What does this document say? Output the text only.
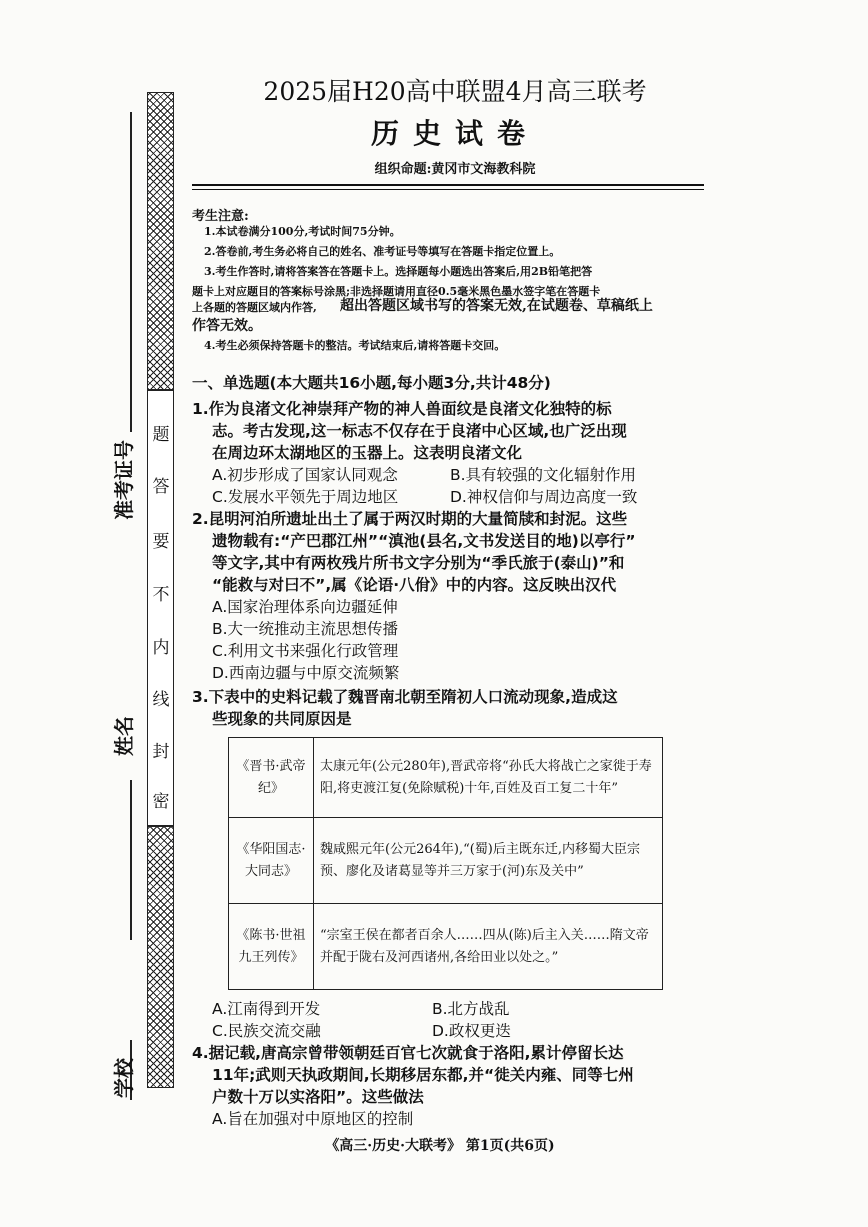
题
答
要
不
内
线
封
密
学校
姓名
准考证号
2025届H20高中联盟4月高三联考
历史试卷
组织命题:黄冈市文海教科院
考生注意:
1.本试卷满分100分,考试时间75分钟。
2.答卷前,考生务必将自己的姓名、准考证号等填写在答题卡指定位置上。
3.考生作答时,请将答案答在答题卡上。选择题每小题选出答案后,用2B铅笔把答
题卡上对应题目的答案标号涂黑;非选择题请用直径0.5毫米黑色墨水签字笔在答题卡
上各题的答题区域内作答,	超出答题区域书写的答案无效,在试题卷、草稿纸上
作答无效。
4.考生必须保持答题卡的整洁。考试结束后,请将答题卡交回。
一、单选题(本大题共16小题,每小题3分,共计48分)
1.作为良渚文化神崇拜产物的神人兽面纹是良渚文化独特的标
志。考古发现,这一标志不仅存在于良渚中心区域,也广泛出现
在周边环太湖地区的玉器上。这表明良渚文化
A.初步形成了国家认同观念	B.具有较强的文化辐射作用
C.发展水平领先于周边地区	D.神权信仰与周边高度一致
2.昆明河泊所遗址出土了属于两汉时期的大量简牍和封泥。这些
遗物载有:“产巴郡江州”“滇池(县名,文书发送目的地)以亭行”
等文字,其中有两枚残片所书文字分别为“季氏旅于(泰山)”和
“能救与对曰不”,属《论语·八佾》中的内容。这反映出汉代
A.国家治理体系向边疆延伸
B.大一统推动主流思想传播
C.利用文书来强化行政管理
D.西南边疆与中原交流频繁
3.下表中的史料记载了魏晋南北朝至隋初人口流动现象,造成这
些现象的共同原因是
《晋书·武帝纪》	太康元年(公元280年),晋武帝将“孙氏大将战亡之家徙于寿阳,将吏渡江复(免除赋税)十年,百姓及百工复二十年”
《华阳国志·大同志》	魏咸熙元年(公元264年),“(蜀)后主既东迁,内移蜀大臣宗预、廖化及诸葛显等并三万家于(河)东及关中”
《陈书·世祖九王列传》	“宗室王侯在都者百余人……四从(陈)后主入关……隋文帝并配于陇右及河西诸州,各给田业以处之。”
A.江南得到开发	B.北方战乱
C.民族交流交融	D.政权更迭
4.据记载,唐高宗曾带领朝廷百官七次就食于洛阳,累计停留长达
11年;武则天执政期间,长期移居东都,并“徙关内雍、同等七州
户数十万以实洛阳”。这些做法
A.旨在加强对中原地区的控制
《高三·历史·大联考》 第1页(共6页)
